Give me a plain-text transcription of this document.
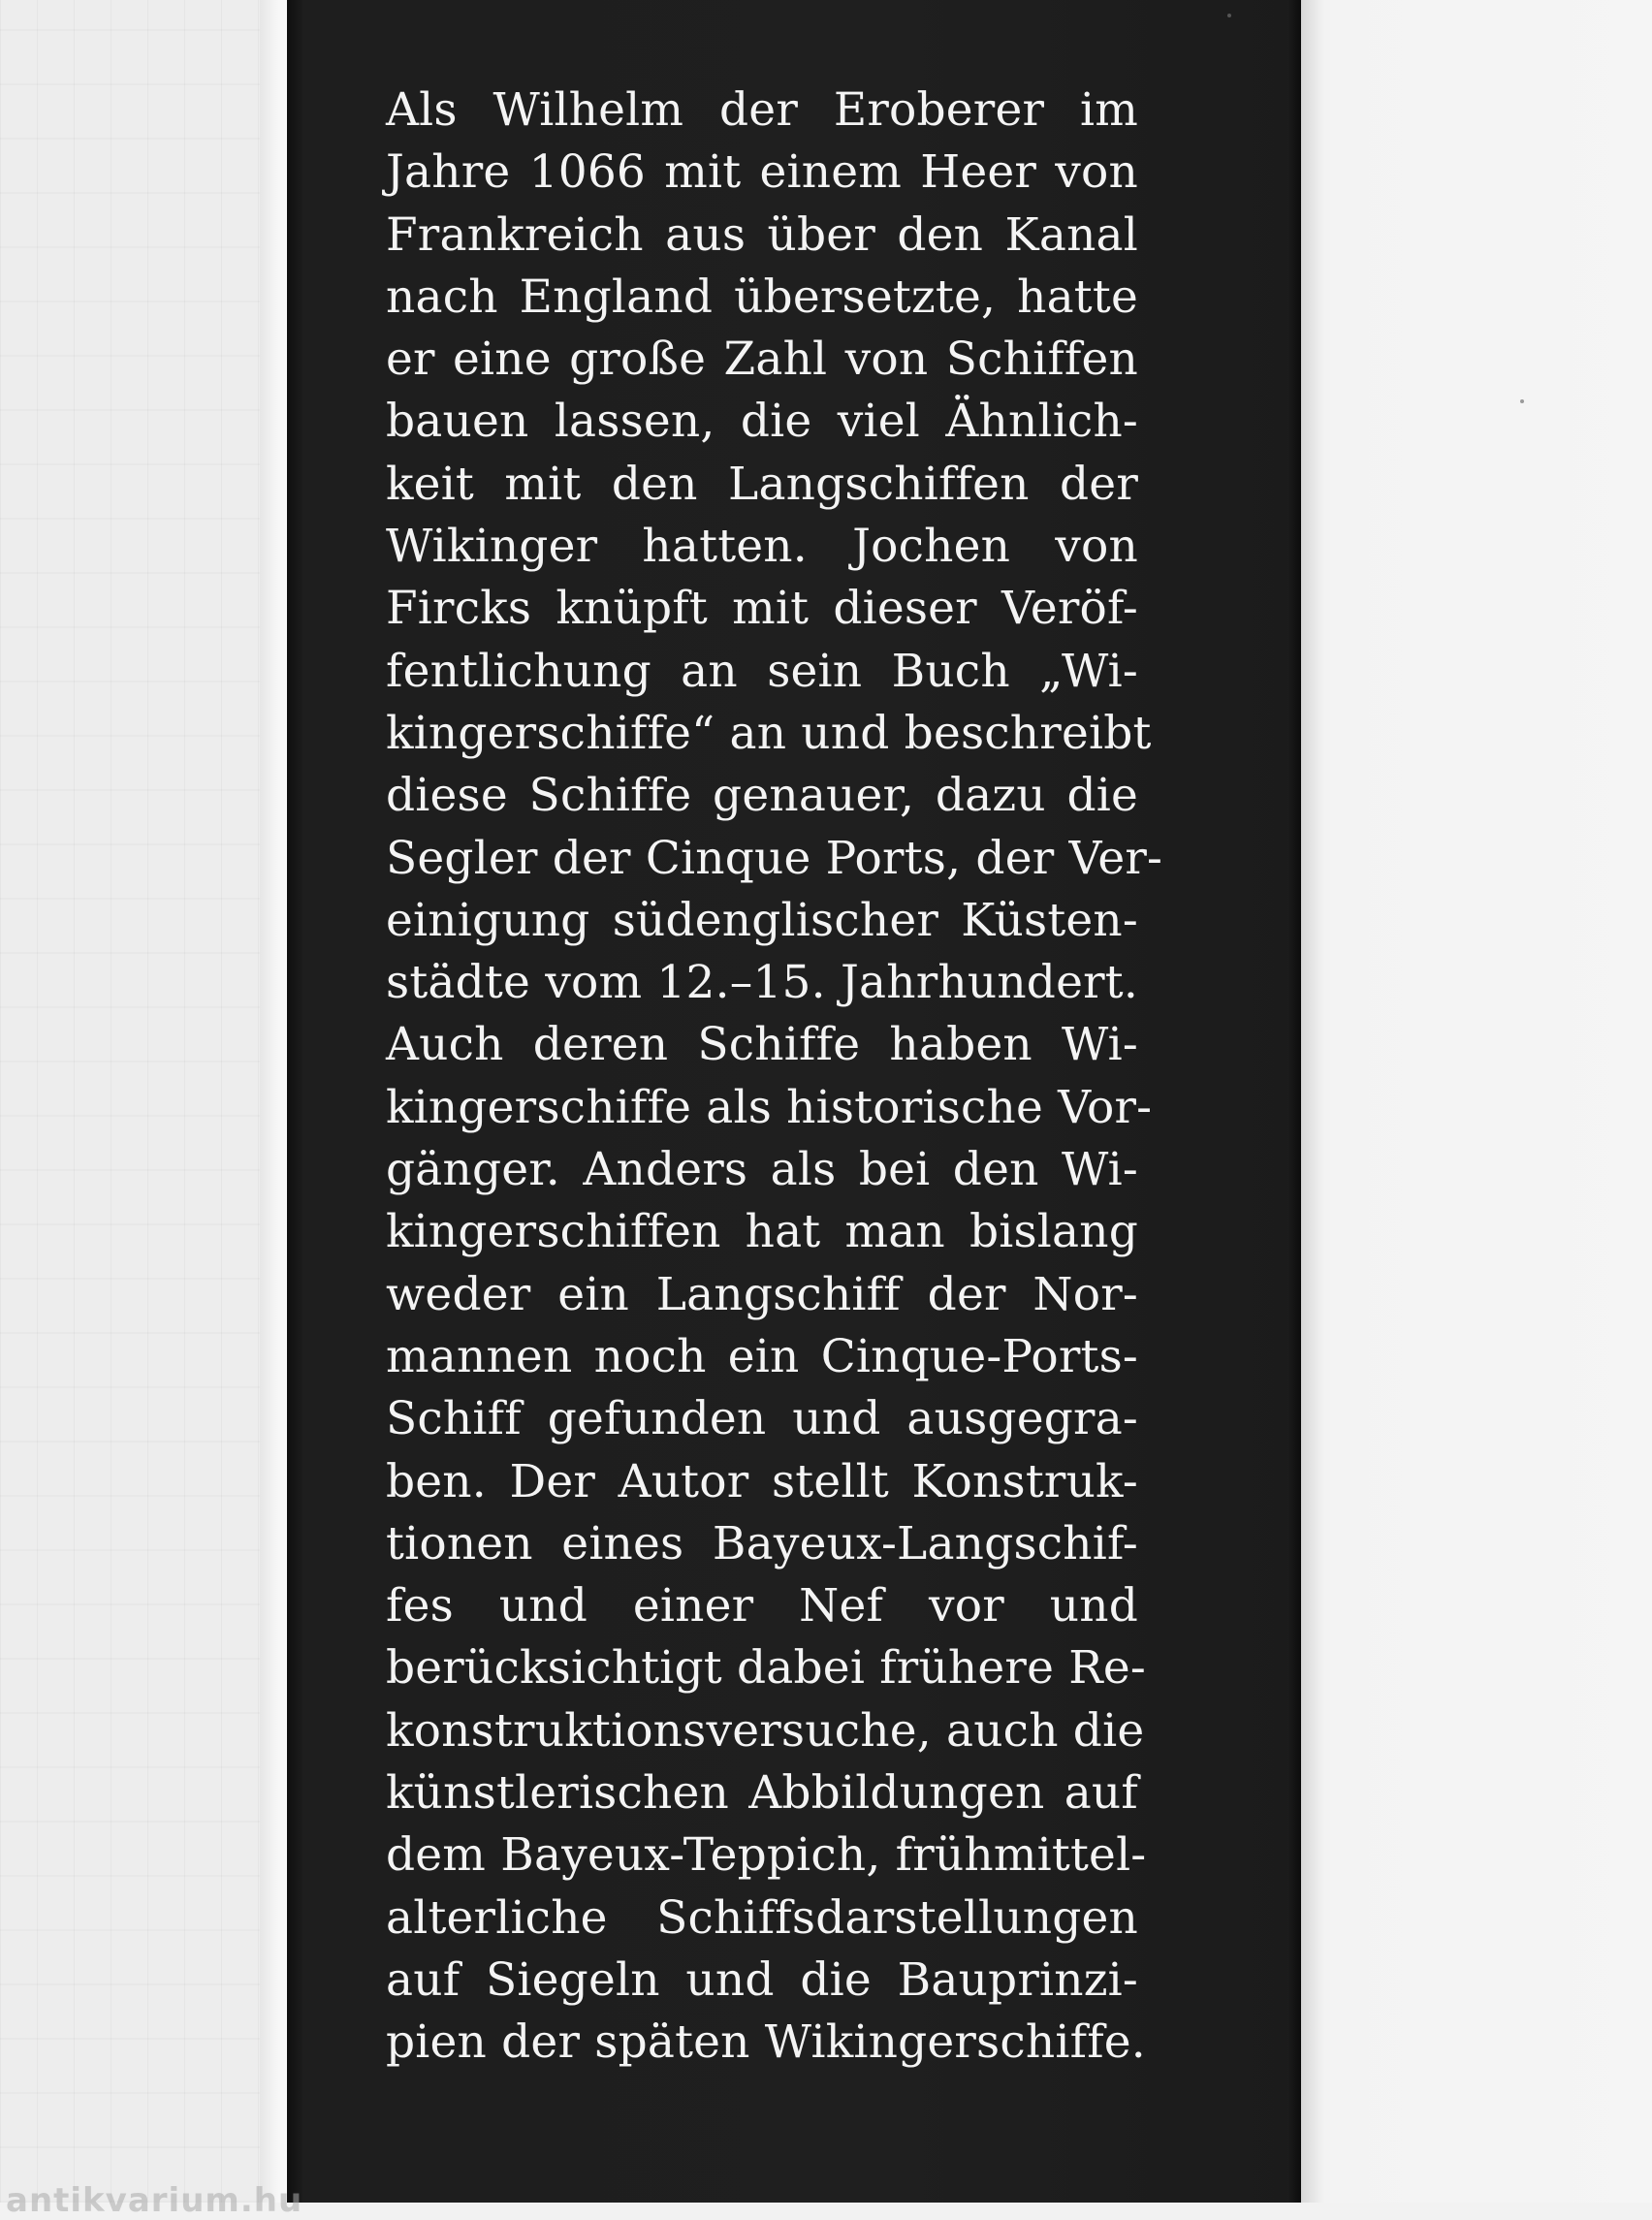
Als Wilhelm der Eroberer im
Jahre 1066 mit einem Heer von
Frankreich aus über den Kanal
nach England übersetzte, hatte
er eine große Zahl von Schiffen
bauen lassen, die viel Ähnlich-
keit mit den Langschiffen der
Wikinger hatten. Jochen von
Fircks knüpft mit dieser Veröf-
fentlichung an sein Buch „Wi-
kingerschiffe“ an und beschreibt
diese Schiffe genauer, dazu die
Segler der Cinque Ports, der Ver-
einigung südenglischer Küsten-
städte vom 12.–15. Jahrhundert.
Auch deren Schiffe haben Wi-
kingerschiffe als historische Vor-
gänger. Anders als bei den Wi-
kingerschiffen hat man bislang
weder ein Langschiff der Nor-
mannen noch ein Cinque-Ports-
Schiff gefunden und ausgegra-
ben. Der Autor stellt Konstruk-
tionen eines Bayeux-Langschif-
fes und einer Nef vor und
berücksichtigt dabei frühere Re-
konstruktionsversuche, auch die
künstlerischen Abbildungen auf
dem Bayeux-Teppich, frühmittel-
alterliche Schiffsdarstellungen
auf Siegeln und die Bauprinzi-
pien der späten Wikingerschiffe.
antikvarium.hu
